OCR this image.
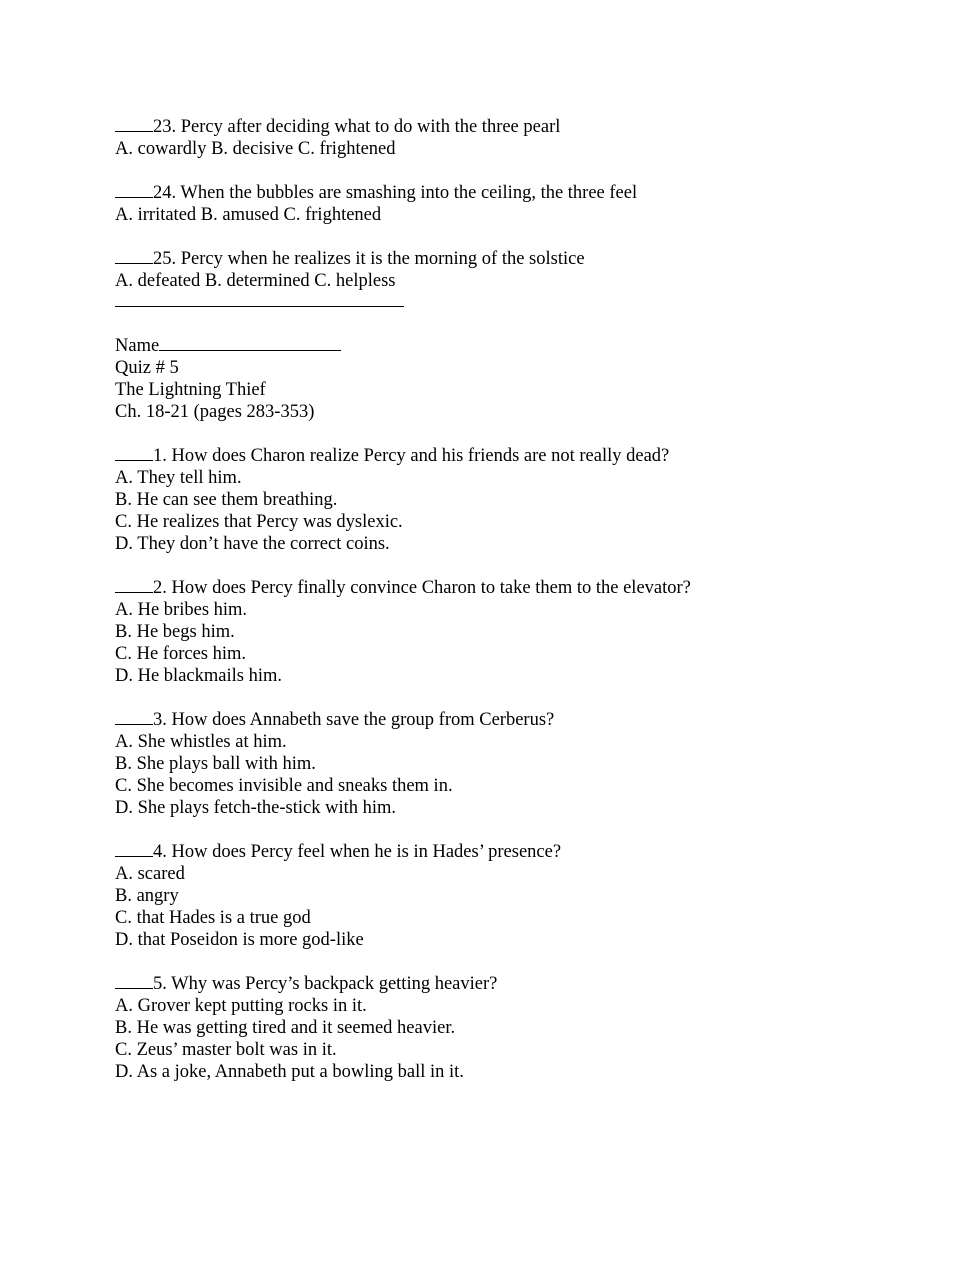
23. Percy after deciding what to do with the three pearl
A. cowardly B. decisive C. frightened
24. When the bubbles are smashing into the ceiling, the three feel
A. irritated B. amused C. frightened
25. Percy when he realizes it is the morning of the solstice
A. defeated B. determined C. helpless
Name
Quiz # 5
The Lightning Thief
Ch. 18-21 (pages 283-353)
1. How does Charon realize Percy and his friends are not really dead?
A. They tell him.
B. He can see them breathing.
C. He realizes that Percy was dyslexic.
D. They don’t have the correct coins.
2. How does Percy finally convince Charon to take them to the elevator?
A. He bribes him.
B. He begs him.
C. He forces him.
D. He blackmails him.
3. How does Annabeth save the group from Cerberus?
A. She whistles at him.
B. She plays ball with him.
C. She becomes invisible and sneaks them in.
D. She plays fetch-the-stick with him.
4. How does Percy feel when he is in Hades’ presence?
A. scared
B. angry
C. that Hades is a true god
D. that Poseidon is more god-like
5. Why was Percy’s backpack getting heavier?
A. Grover kept putting rocks in it.
B. He was getting tired and it seemed heavier.
C. Zeus’ master bolt was in it.
D. As a joke, Annabeth put a bowling ball in it.
